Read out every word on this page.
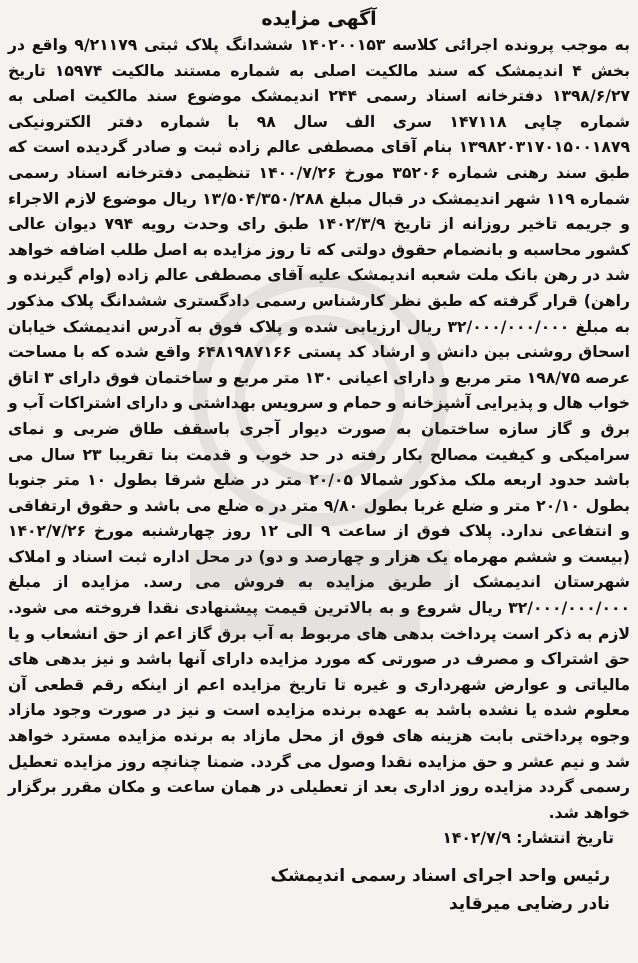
آگهی مزایده

به موجب پرونده اجرائی کلاسه ۱۴۰۲۰۰۱۵۳ ششدانگ پلاک ثبتی ۹/۲۱۱۷۹ واقع در بخش ۴ اندیمشک که سند مالکیت اصلی به شماره مستند مالکیت ۱۵۹۷۴ تاریخ ۱۳۹۸/۶/۲۷ دفترخانه اسناد رسمی ۲۴۴ اندیمشک موضوع سند مالکیت اصلی به شماره چاپی ۱۴۷۱۱۸ سری الف سال ۹۸ با شماره دفتر الکترونیکی ۱۳۹۸۲۰۳۱۷۰۱۵۰۰۱۸۷۹ بنام آقای مصطفی عالم زاده ثبت و صادر گردیده است که طبق سند رهنی شماره ۳۵۲۰۶ مورخ ۱۴۰۰/۷/۲۶ تنظیمی دفترخانه اسناد رسمی شماره ۱۱۹ شهر اندیمشک در قبال مبلغ ۱۳/۵۰۴/۳۵۰/۲۸۸ ریال موضوع لازم الاجراء و جریمه تاخیر روزانه از تاریخ ۱۴۰۲/۳/۹ طبق رای وحدت رویه ۷۹۴ دیوان عالی کشور محاسبه و بانضمام حقوق دولتی که تا روز مزایده به اصل طلب اضافه خواهد شد در رهن بانک ملت شعبه اندیمشک علیه آقای مصطفی عالم زاده (وام گیرنده و راهن) قرار گرفته که طبق نظر کارشناس رسمی دادگستری ششدانگ پلاک مذکور به مبلغ ۳۲/۰۰۰/۰۰۰/۰۰۰ ریال ارزیابی شده و پلاک فوق به آدرس اندیمشک خیابان اسحاق روشنی بین دانش و ارشاد کد پستی ۶۴۸۱۹۸۷۱۶۶ واقع شده که با مساحت عرصه ۱۹۸/۷۵ متر مربع و دارای اعیانی ۱۳۰ متر مربع و ساختمان فوق دارای ۳ اتاق خواب هال و پذیرایی آشپزخانه و حمام و سرویس بهداشتی و دارای اشتراکات آب و برق و گاز سازه ساختمان به صورت دیوار آجری باسقف طاق ضربی و نمای سرامیکی و کیفیت مصالح بکار رفته در حد خوب و قدمت بنا تقریبا ۲۳ سال می باشد حدود اربعه ملک مذکور شمالا ۲۰/۰۵ متر در ضلع شرقا بطول ۱۰ متر جنوبا بطول ۲۰/۱۰ متر و ضلع غربا بطول ۹/۸۰ متر در ه ضلع می باشد و حقوق ارتفاقی و انتفاعی ندارد. پلاک فوق از ساعت ۹ الی ۱۲ روز چهارشنبه مورخ ۱۴۰۲/۷/۲۶ (بیست و ششم مهرماه یک هزار و چهارصد و دو) در محل اداره ثبت اسناد و املاک شهرستان اندیمشک از طریق مزایده به فروش می رسد. مزایده از مبلغ ۳۲/۰۰۰/۰۰۰/۰۰۰ ریال شروع و به بالاترین قیمت پیشنهادی نقدا فروخته می شود. لازم به ذکر است پرداخت بدهی های مربوط به آب برق گاز اعم از حق انشعاب و یا حق اشتراک و مصرف در صورتی که مورد مزایده دارای آنها باشد و نیز بدهی های مالیاتی و عوارض شهرداری و غیره تا تاریخ مزایده اعم از اینکه رقم قطعی آن معلوم شده یا نشده باشد به عهده برنده مزایده است و نیز در صورت وجود مازاد وجوه پرداختی بابت هزینه های فوق از محل مازاد به برنده مزایده مسترد خواهد شد و نیم عشر و حق مزایده نقدا وصول می گردد. ضمنا چنانچه روز مزایده تعطیل رسمی گردد مزایده روز اداری بعد از تعطیلی در همان ساعت و مکان مقرر برگزار خواهد شد.

تاریخ انتشار: ۱۴۰۲/۷/۹
رئیس واحد اجرای اسناد رسمی اندیمشک
نادر رضایی میرقاید
